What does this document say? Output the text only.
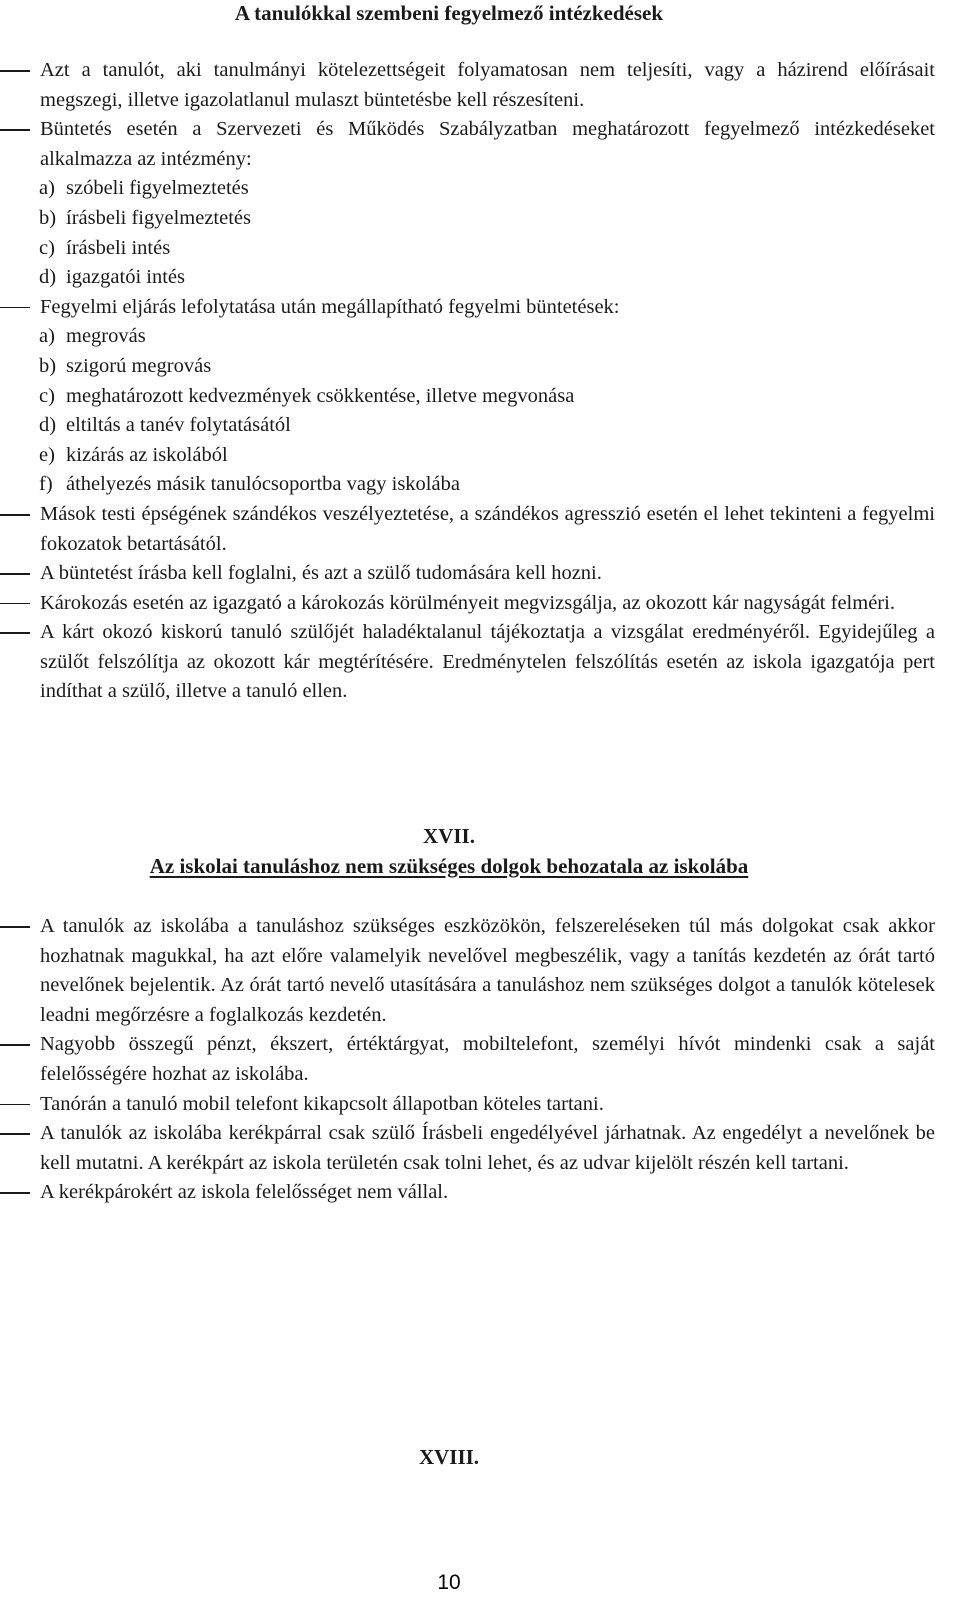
A tanulókkal szembeni fegyelmező intézkedések
Azt a tanulót, aki tanulmányi kötelezettségeit folyamatosan nem teljesíti, vagy a házirend előírásait megszegi, illetve igazolatlanul mulaszt büntetésbe kell részesíteni.
Büntetés esetén a Szervezeti és Működés Szabályzatban meghatározott fegyelmező intézkedéseket alkalmazza az intézmény:
a) szóbeli figyelmeztetés
b) írásbeli figyelmeztetés
c) írásbeli intés
d) igazgatói intés
Fegyelmi eljárás lefolytatása után megállapítható fegyelmi büntetések:
a) megrovás
b) szigorú megrovás
c) meghatározott kedvezmények csökkentése, illetve megvonása
d) eltiltás a tanév folytatásától
e) kizárás az iskolából
f) áthelyezés másik tanulócsoportba vagy iskolába
Mások testi épségének szándékos veszélyeztetése, a szándékos agresszió esetén el lehet tekinteni a fegyelmi fokozatok betartásától.
A büntetést írásba kell foglalni, és azt a szülő tudomására kell hozni.
Károkozás esetén az igazgató a károkozás körülményeit megvizsgálja, az okozott kár nagyságát felméri.
A kárt okozó kiskorú tanuló szülőjét haladéktalanul tájékoztatja a vizsgálat eredményéről. Egyidejűleg a szülőt felszólítja az okozott kár megtérítésére. Eredménytelen felszólítás esetén az iskola igazgatója pert indíthat a szülő, illetve a tanuló ellen.
XVII.
Az iskolai tanuláshoz nem szükséges dolgok behozatala az iskolába
A tanulók az iskolába a tanuláshoz szükséges eszközökön, felszereléseken túl más dolgokat csak akkor hozhatnak magukkal, ha azt előre valamelyik nevelővel megbeszélik, vagy a tanítás kezdetén az órát tartó nevelőnek bejelentik. Az órát tartó nevelő utasítására a tanuláshoz nem szükséges dolgot a tanulók kötelesek leadni megőrzésre a foglalkozás kezdetén.
Nagyobb összegű pénzt, ékszert, értéktárgyat, mobiltelefont, személyi hívót mindenki csak a saját felelősségére hozhat az iskolába.
Tanórán a tanuló mobil telefont kikapcsolt állapotban köteles tartani.
A tanulók az iskolába kerékpárral csak szülő Írásbeli engedélyével járhatnak. Az engedélyt a nevelőnek be kell mutatni. A kerékpárt az iskola területén csak tolni lehet, és az udvar kijelölt részén kell tartani.
A kerékpárokért az iskola felelősséget nem vállal.
XVIII.
10
